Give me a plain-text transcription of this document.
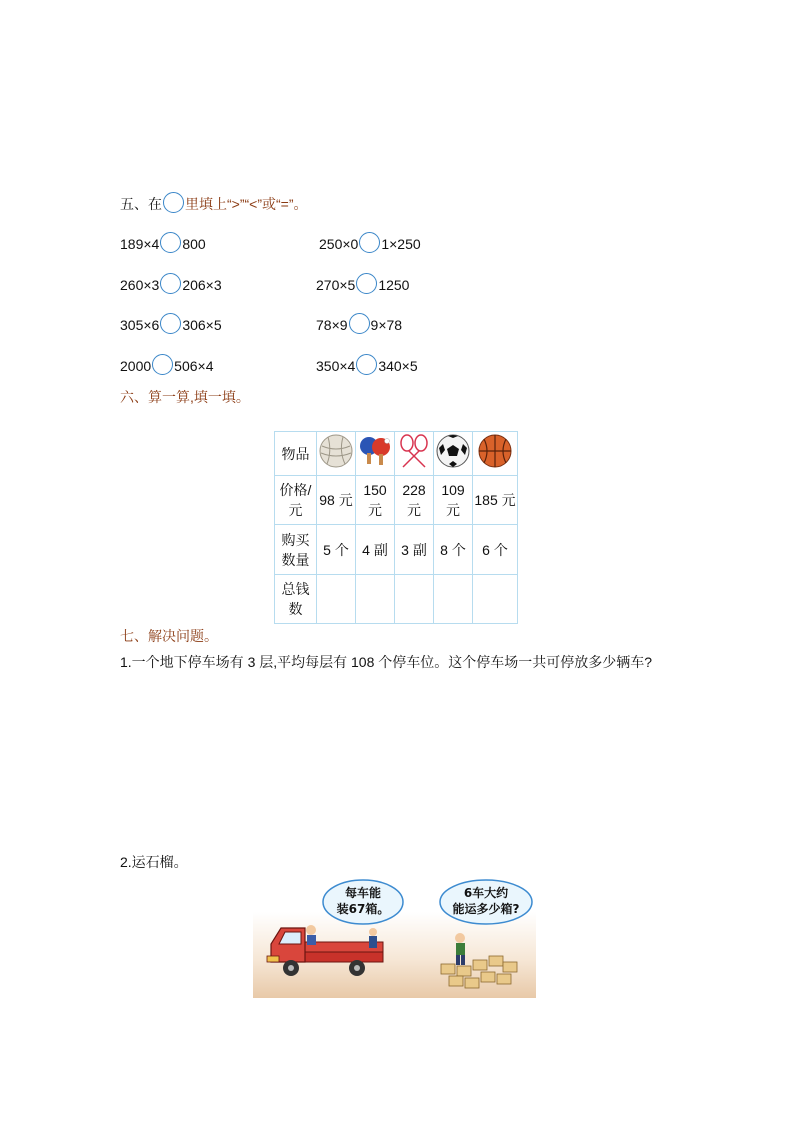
五、在 里填上“>”“<”或“=”。
189×4 800	250×0 1×250
260×3 206×3	270×5 1250
305×6 306×5	78×9 9×78
2000 506×4	350×4 340×5
六、算一算,填一填。
物品					
价格/元	98 元	150 元	228 元	109 元	185 元
购买数量	5 个	4 副	3 副	8 个	6 个
总钱数					
七、解决问题。
1.一个地下停车场有 3 层,平均每层有 108 个停车位。这个停车场一共可停放多少辆车?
2.运石榴。
每车能
装67箱。
6车大约
能运多少箱?
